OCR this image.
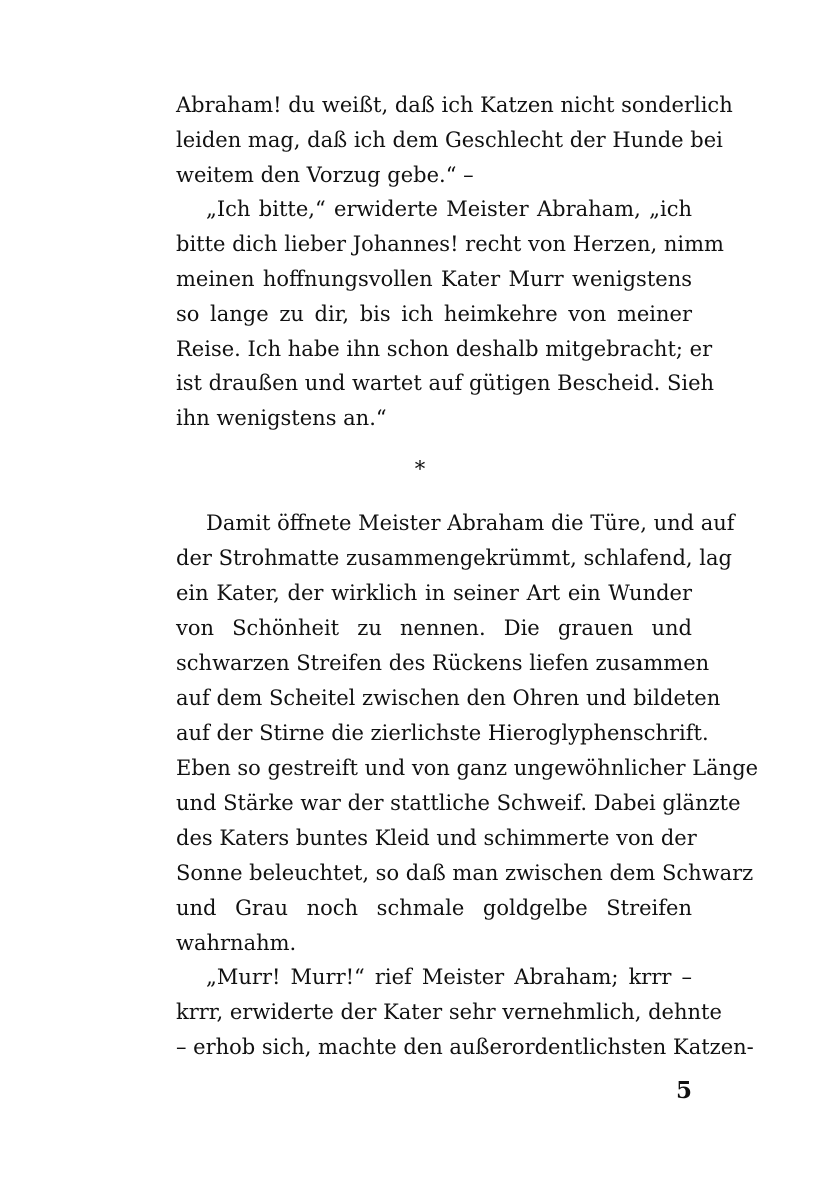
Abraham! du weißt, daß ich Katzen nicht sonderlich
leiden mag, daß ich dem Geschlecht der Hunde bei
weitem den Vorzug gebe.“ –
„Ich bitte,“ erwiderte Meister Abraham, „ich
bitte dich lieber Johannes! recht von Herzen, nimm
meinen hoffnungsvollen Kater Murr wenigstens
so lange zu dir, bis ich heimkehre von meiner
Reise. Ich habe ihn schon deshalb mitgebracht; er
ist draußen und wartet auf gütigen Bescheid. Sieh
ihn wenigstens an.“
*
Damit öffnete Meister Abraham die Türe, und auf
der Strohmatte zusammengekrümmt, schlafend, lag
ein Kater, der wirklich in seiner Art ein Wunder
von Schönheit zu nennen. Die grauen und
schwarzen Streifen des Rückens liefen zusammen
auf dem Scheitel zwischen den Ohren und bildeten
auf der Stirne die zierlichste Hieroglyphenschrift.
Eben so gestreift und von ganz ungewöhnlicher Länge
und Stärke war der stattliche Schweif. Dabei glänzte
des Katers buntes Kleid und schimmerte von der
Sonne beleuchtet, so daß man zwischen dem Schwarz
und Grau noch schmale goldgelbe Streifen
wahrnahm.
„Murr! Murr!“ rief Meister Abraham; krrr –
krrr, erwiderte der Kater sehr vernehmlich, dehnte
– erhob sich, machte den außerordentlichsten Katzen-
5
